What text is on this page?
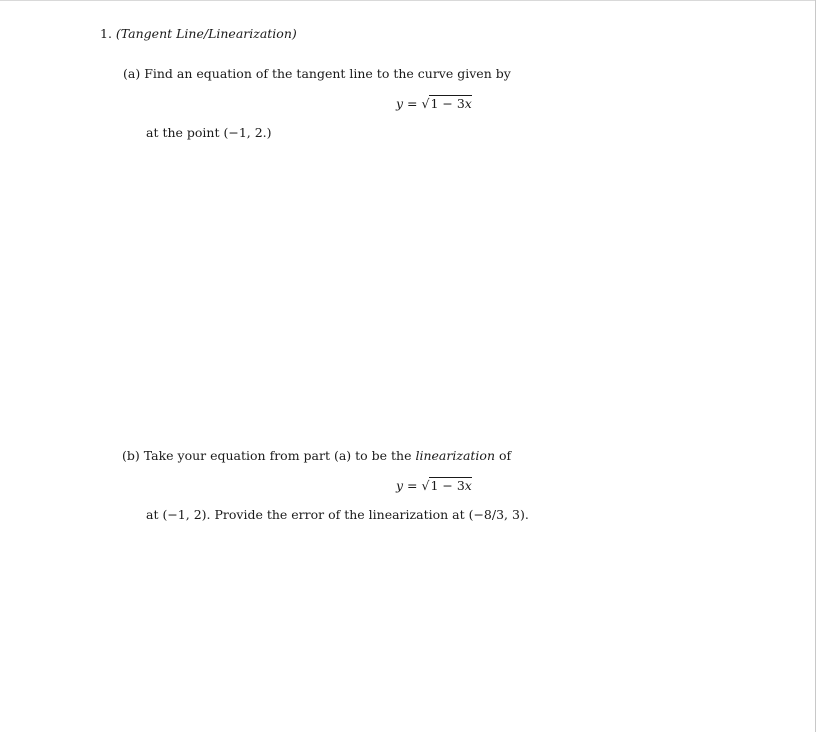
1. (Tangent Line/Linearization)
(a) Find an equation of the tangent line to the curve given by
y = √1 − 3x
at the point (−1, 2.)
(b) Take your equation from part (a) to be the linearization of
y = √1 − 3x
at (−1, 2). Provide the error of the linearization at (−8/3, 3).
